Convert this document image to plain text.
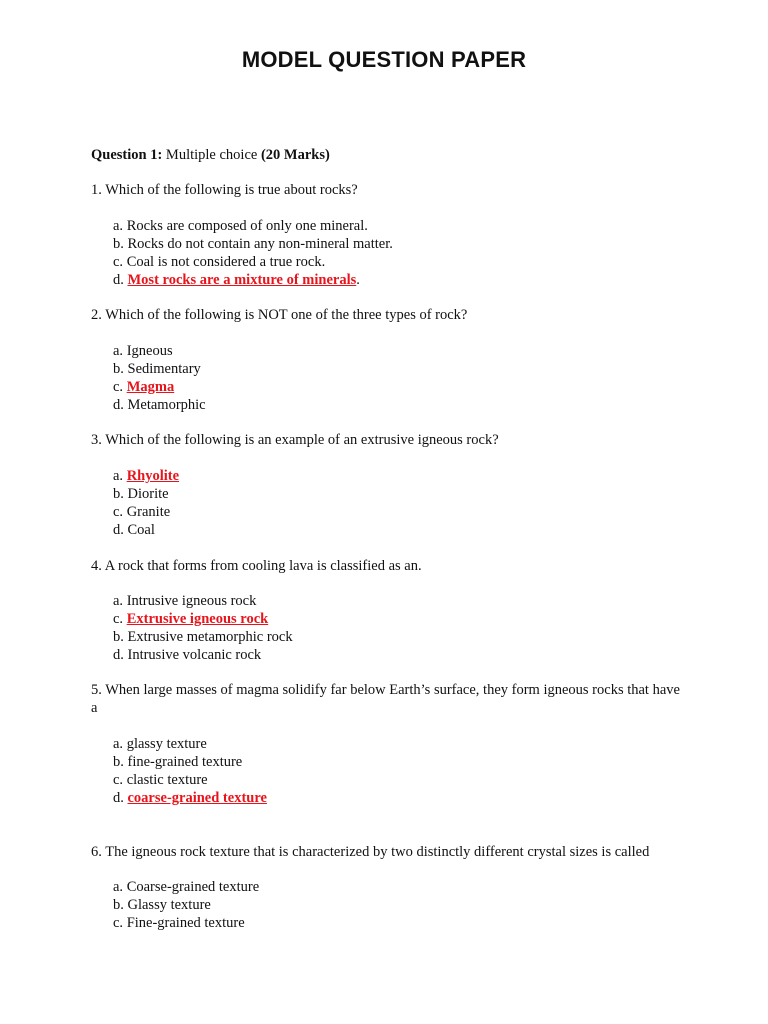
MODEL QUESTION PAPER
Question 1: Multiple choice (20 Marks)
1. Which of the following is true about rocks?
a. Rocks are composed of only one mineral.
b. Rocks do not contain any non-mineral matter.
c. Coal is not considered a true rock.
d. Most rocks are a mixture of minerals.
2. Which of the following is NOT one of the three types of rock?
a. Igneous
b. Sedimentary
c. Magma
d. Metamorphic
3. Which of the following is an example of an extrusive igneous rock?
a. Rhyolite
b. Diorite
c. Granite
d. Coal
4. A rock that forms from cooling lava is classified as an.
a. Intrusive igneous rock
c. Extrusive igneous rock
b. Extrusive metamorphic rock
d. Intrusive volcanic rock
5. When large masses of magma solidify far below Earth’s surface, they form igneous rocks that have a
a. glassy texture
b. fine-grained texture
c. clastic texture
d. coarse-grained texture
6. The igneous rock texture that is characterized by two distinctly different crystal sizes is called
a. Coarse-grained texture
b. Glassy texture
c. Fine-grained texture
